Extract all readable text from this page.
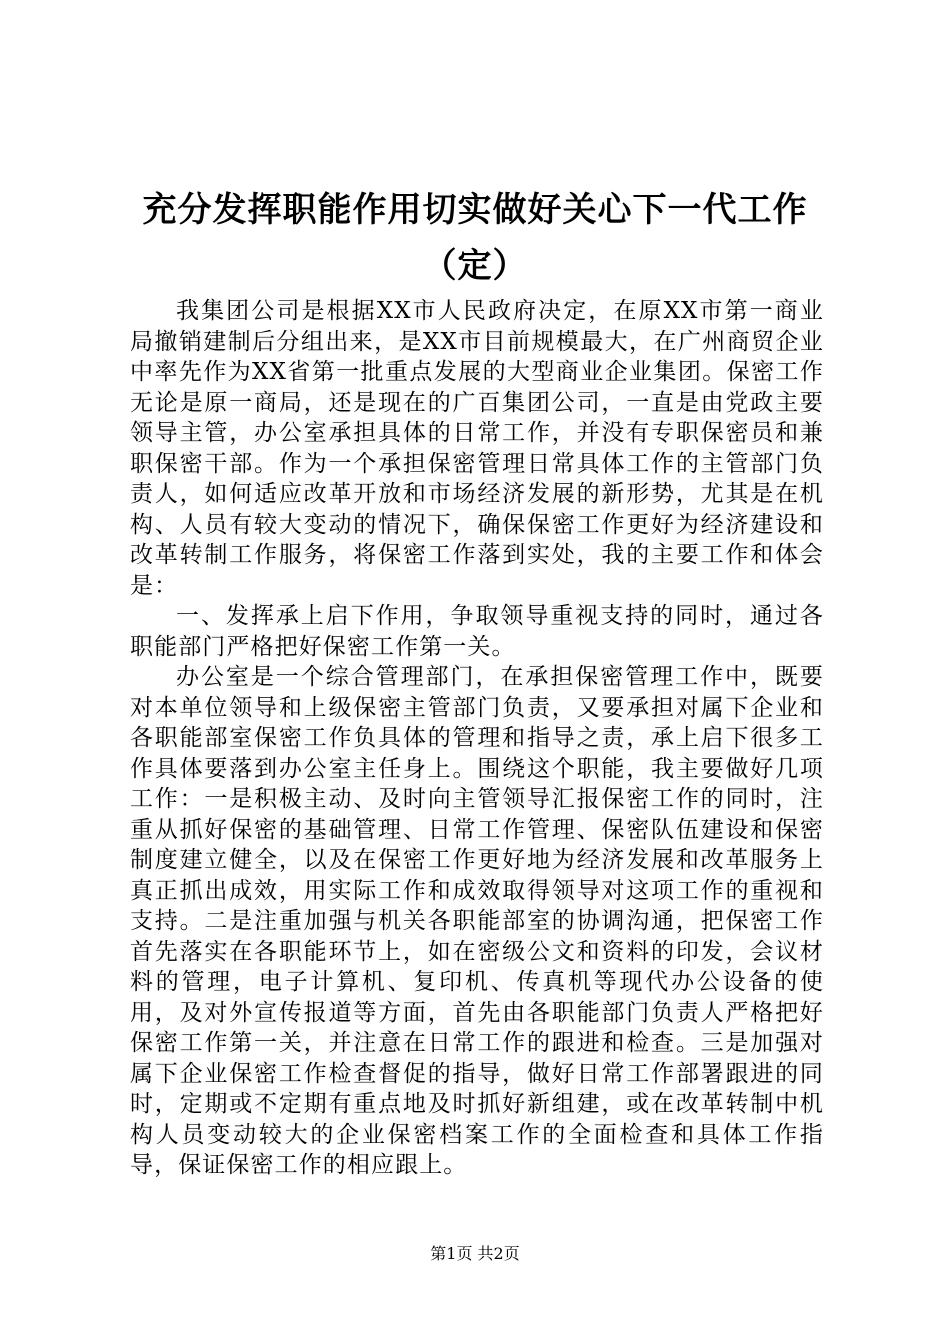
充分发挥职能作用切实做好关心下一代工作
（定）

我集团公司是根据XX市人民政府决定，在原XX市第一商业局撤销建制后分组出来，是XX市目前规模最大，在广州商贸企业中率先作为XX省第一批重点发展的大型商业企业集团。保密工作无论是原一商局，还是现在的广百集团公司，一直是由党政主要领导主管，办公室承担具体的日常工作，并没有专职保密员和兼职保密干部。作为一个承担保密管理日常具体工作的主管部门负责人，如何适应改革开放和市场经济发展的新形势，尤其是在机构、人员有较大变动的情况下，确保保密工作更好为经济建设和改革转制工作服务，将保密工作落到实处，我的主要工作和体会是：

一、发挥承上启下作用，争取领导重视支持的同时，通过各职能部门严格把好保密工作第一关。

办公室是一个综合管理部门，在承担保密管理工作中，既要对本单位领导和上级保密主管部门负责，又要承担对属下企业和各职能部室保密工作负具体的管理和指导之责，承上启下很多工作具体要落到办公室主任身上。围绕这个职能，我主要做好几项工作：一是积极主动、及时向主管领导汇报保密工作的同时，注重从抓好保密的基础管理、日常工作管理、保密队伍建设和保密制度建立健全，以及在保密工作更好地为经济发展和改革服务上真正抓出成效，用实际工作和成效取得领导对这项工作的重视和支持。二是注重加强与机关各职能部室的协调沟通，把保密工作首先落实在各职能环节上，如在密级公文和资料的印发，会议材料的管理，电子计算机、复印机、传真机等现代办公设备的使用，及对外宣传报道等方面，首先由各职能部门负责人严格把好保密工作第一关，并注意在日常工作的跟进和检查。三是加强对属下企业保密工作检查督促的指导，做好日常工作部署跟进的同时，定期或不定期有重点地及时抓好新组建，或在改革转制中机构人员变动较大的企业保密档案工作的全面检查和具体工作指导，保证保密工作的相应跟上。

第1页 共2页
